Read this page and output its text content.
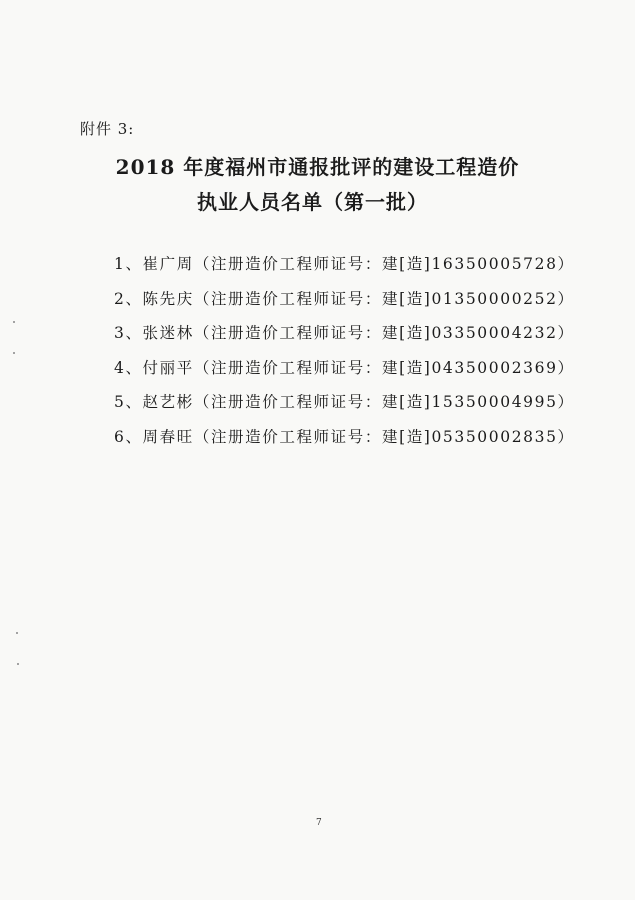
附件 3:
2018 年度福州市通报批评的建设工程造价
执业人员名单（第一批）
1、崔广周（注册造价工程师证号：建[造]16350005728）
2、陈先庆（注册造价工程师证号：建[造]01350000252）
3、张迷林（注册造价工程师证号：建[造]03350004232）
4、付丽平（注册造价工程师证号：建[造]04350002369）
5、赵艺彬（注册造价工程师证号：建[造]15350004995）
6、周春旺（注册造价工程师证号：建[造]05350002835）
7
